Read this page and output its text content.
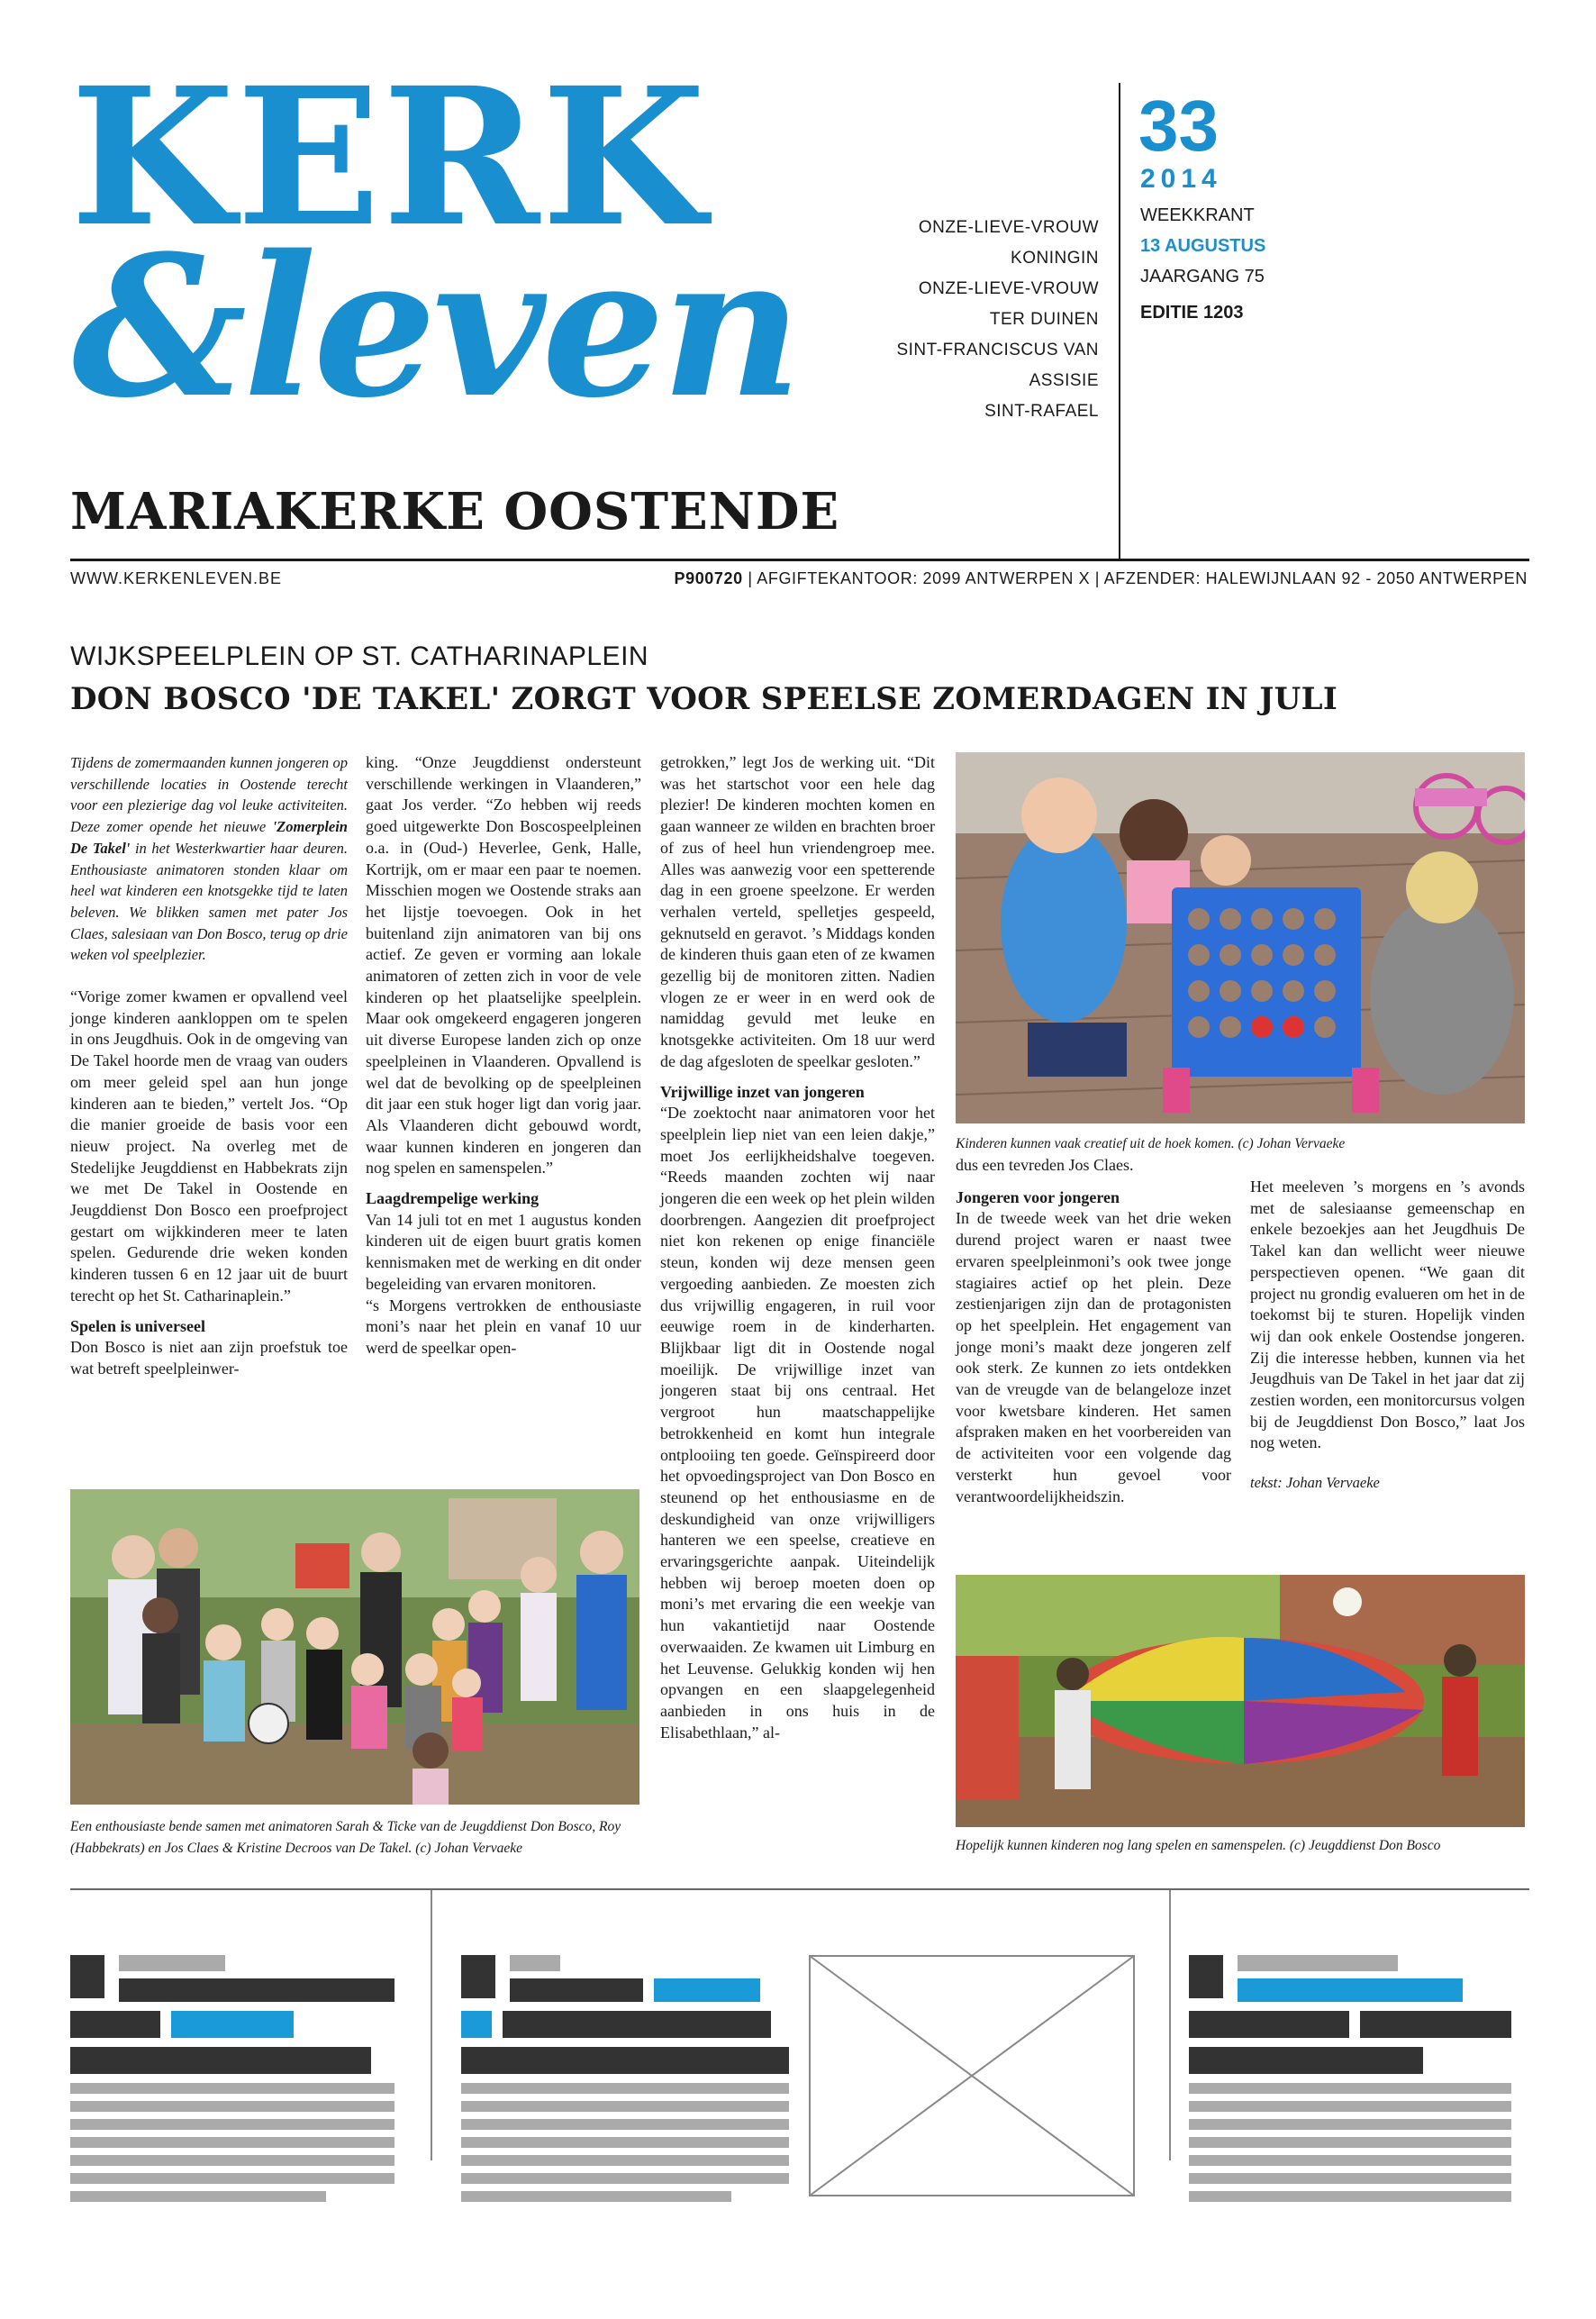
KERK
&leven	ONZE-LIEVE-VROUW
KONINGIN
ONZE-LIEVE-VROUW
TER DUINEN
SINT-FRANCISCUS VAN
ASSISIE
SINT-RAFAEL
33
2014
WEEKKRANT
13 AUGUSTUS
JAARGANG 75
EDITIE 1203
MARIAKERKE OOSTENDE
WWW.KERKENLEVEN.BE	P900720 | AFGIFTEKANTOOR: 2099 ANTWERPEN X | AFZENDER: HALEWIJNLAAN 92 - 2050 ANTWERPEN
WIJKSPEELPLEIN OP ST. CATHARINAPLEIN
DON BOSCO 'DE TAKEL' ZORGT VOOR SPEELSE ZOMERDAGEN IN JULI

Tijdens de zomermaanden kunnen jongeren op verschillende locaties in Oostende terecht voor een plezierige dag vol leuke activiteiten. Deze zomer opende het nieuwe 'Zomerplein De Takel' in het Westerkwartier haar deuren. Enthousiaste animatoren stonden klaar om heel wat kinderen een knotsgekke tijd te laten beleven. We blikken samen met pater Jos Claes, salesiaan van Don Bosco, terug op drie weken vol speelplezier.

“Vorige zomer kwamen er opvallend veel jonge kinderen aankloppen om te spelen in ons Jeugdhuis. Ook in de omgeving van De Takel hoorde men de vraag van ouders om meer geleid spel aan hun jonge kinderen aan te bieden,” vertelt Jos. “Op die manier groeide de basis voor een nieuw project. Na overleg met de Stedelijke Jeugddienst en Habbekrats zijn we met De Takel in Oostende en Jeugddienst Don Bosco een proefproject gestart om wijkkinderen meer te laten spelen. Gedurende drie weken konden kinderen tussen 6 en 12 jaar uit de buurt terecht op het St. Catharinaplein.”

Spelen is universeel

Don Bosco is niet aan zijn proefstuk toe wat betreft speelpleinwer-

king. “Onze Jeugddienst ondersteunt verschillende werkingen in Vlaanderen,” gaat Jos verder. “Zo hebben wij reeds goed uitgewerkte Don Boscospeelpleinen o.a. in (Oud-) Heverlee, Genk, Halle, Kortrijk, om er maar een paar te noemen. Misschien mogen we Oostende straks aan het lijstje toevoegen. Ook in het buitenland zijn animatoren van bij ons actief. Ze geven er vorming aan lokale animatoren of zetten zich in voor de vele kinderen op het plaatselijke speelplein. Maar ook omgekeerd engageren jongeren uit diverse Europese landen zich op onze speelpleinen in Vlaanderen. Opvallend is wel dat de bevolking op de speelpleinen dit jaar een stuk hoger ligt dan vorig jaar. Als Vlaanderen dicht gebouwd wordt, waar kunnen kinderen en jongeren dan nog spelen en samenspelen.”

Laagdrempelige werking

Van 14 juli tot en met 1 augustus konden kinderen uit de eigen buurt gratis komen kennismaken met de werking en dit onder begeleiding van ervaren monitoren.

“s Morgens vertrokken de enthousiaste moni’s naar het plein en vanaf 10 uur werd de speelkar open-

getrokken,” legt Jos de werking uit. “Dit was het startschot voor een hele dag plezier! De kinderen mochten komen en gaan wanneer ze wilden en brachten broer of zus of heel hun vriendengroep mee. Alles was aanwezig voor een spetterende dag in een groene speelzone. Er werden verhalen verteld, spelletjes gespeeld, geknutseld en geravot. ’s Middags konden de kinderen thuis gaan eten of ze kwamen gezellig bij de monitoren zitten. Nadien vlogen ze er weer in en werd ook de namiddag gevuld met leuke en knotsgekke activiteiten. Om 18 uur werd de dag afgesloten de speelkar gesloten.”

Vrijwillige inzet van jongeren

“De zoektocht naar animatoren voor het speelplein liep niet van een leien dakje,” moet Jos eerlijkheidshalve toegeven. “Reeds maanden zochten wij naar jongeren die een week op het plein wilden doorbrengen. Aangezien dit proefproject niet kon rekenen op enige financiële steun, konden wij deze mensen geen vergoeding aanbieden. Ze moesten zich dus vrijwillig engageren, in ruil voor eeuwige roem in de kinderharten. Blijkbaar ligt dit in Oostende nogal moeilijk. De vrijwillige inzet van jongeren staat bij ons centraal. Het vergroot hun maatschappelijke betrokkenheid en komt hun integrale ontplooiing ten goede. Geïnspireerd door het opvoedingsproject van Don Bosco en steunend op het enthousiasme en de deskundigheid van onze vrijwilligers hanteren we een speelse, creatieve en ervaringsgerichte aanpak. Uiteindelijk hebben wij beroep moeten doen op moni’s met ervaring die een weekje van hun vakantietijd naar Oostende overwaaiden. Ze kwamen uit Limburg en het Leuvense. Gelukkig konden wij hen opvangen en een slaapgelegenheid aanbieden in ons huis in de Elisabethlaan,” al-

Kinderen kunnen vaak creatief uit de hoek komen. (c) Johan Vervaeke

dus een tevreden Jos Claes.

Jongeren voor jongeren

In de tweede week van het drie weken durend project waren er naast twee ervaren speelpleinmoni’s ook twee jonge stagiaires actief op het plein. Deze zestienjarigen zijn dan de protagonisten op het speelplein. Het engagement van jonge moni’s maakt deze jongeren zelf ook sterk. Ze kunnen zo iets ontdekken van de vreugde van de belangeloze inzet voor kwetsbare kinderen. Het samen afspraken maken en het voorbereiden van de activiteiten voor een volgende dag versterkt hun gevoel voor verantwoordelijkheidszin.

Het meeleven ’s morgens en ’s avonds met de salesiaanse gemeenschap en enkele bezoekjes aan het Jeugdhuis De Takel kan dan wellicht weer nieuwe perspectieven openen. “We gaan dit project nu grondig evalueren om het in de toekomst bij te sturen. Hopelijk vinden wij dan ook enkele Oostendse jongeren. Zij die interesse hebben, kunnen via het Jeugdhuis van De Takel in het jaar dat zij zestien worden, een monitorcursus volgen bij de Jeugddienst Don Bosco,” laat Jos nog weten.

tekst: Johan Vervaeke

Een enthousiaste bende samen met animatoren Sarah & Ticke van de Jeugddienst Don Bosco, Roy (Habbekrats) en Jos Claes & Kristine Decroos van De Takel. (c) Johan Vervaeke	Hopelijk kunnen kinderen nog lang spelen en samenspelen. (c) Jeugddienst Don Bosco
